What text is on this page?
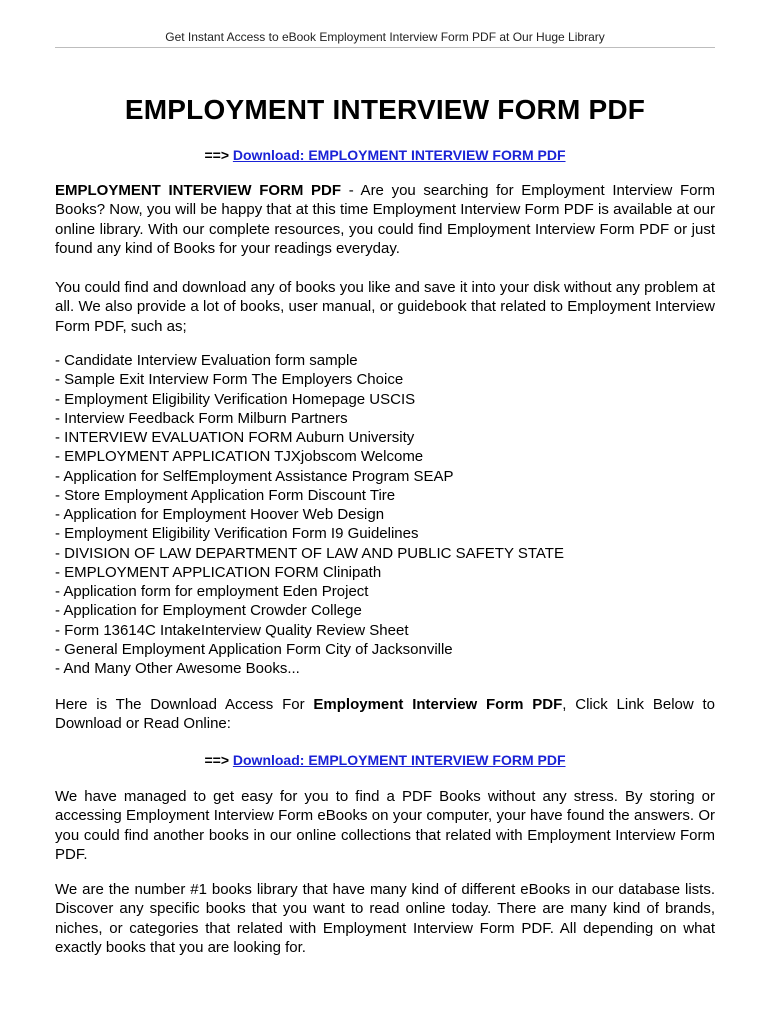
Get Instant Access to eBook Employment Interview Form PDF at Our Huge Library
EMPLOYMENT INTERVIEW FORM PDF
==> Download: EMPLOYMENT INTERVIEW FORM PDF

EMPLOYMENT INTERVIEW FORM PDF - Are you searching for Employment Interview Form Books? Now, you will be happy that at this time Employment Interview Form PDF is available at our online library. With our complete resources, you could find Employment Interview Form PDF or just found any kind of Books for your readings everyday.

You could find and download any of books you like and save it into your disk without any problem at all. We also provide a lot of books, user manual, or guidebook that related to Employment Interview Form PDF, such as;

- Candidate Interview Evaluation form sample
- Sample Exit Interview Form The Employers Choice
- Employment Eligibility Verification Homepage USCIS
- Interview Feedback Form Milburn Partners
- INTERVIEW EVALUATION FORM Auburn University
- EMPLOYMENT APPLICATION TJXjobscom Welcome
- Application for SelfEmployment Assistance Program SEAP
- Store Employment Application Form Discount Tire
- Application for Employment Hoover Web Design
- Employment Eligibility Verification Form I9 Guidelines
- DIVISION OF LAW DEPARTMENT OF LAW AND PUBLIC SAFETY STATE
- EMPLOYMENT APPLICATION FORM Clinipath
- Application form for employment Eden Project
- Application for Employment Crowder College
- Form 13614C IntakeInterview Quality Review Sheet
- General Employment Application Form City of Jacksonville
- And Many Other Awesome Books...

Here is The Download Access For Employment Interview Form PDF, Click Link Below to Download or Read Online:

==> Download: EMPLOYMENT INTERVIEW FORM PDF

We have managed to get easy for you to find a PDF Books without any stress. By storing or accessing Employment Interview Form eBooks on your computer, your have found the answers. Or you could find another books in our online collections that related with Employment Interview Form PDF.

We are the number #1 books library that have many kind of different eBooks in our database lists. Discover any specific books that you want to read online today. There are many kind of brands, niches, or categories that related with Employment Interview Form PDF. All depending on what exactly books that you are looking for.
